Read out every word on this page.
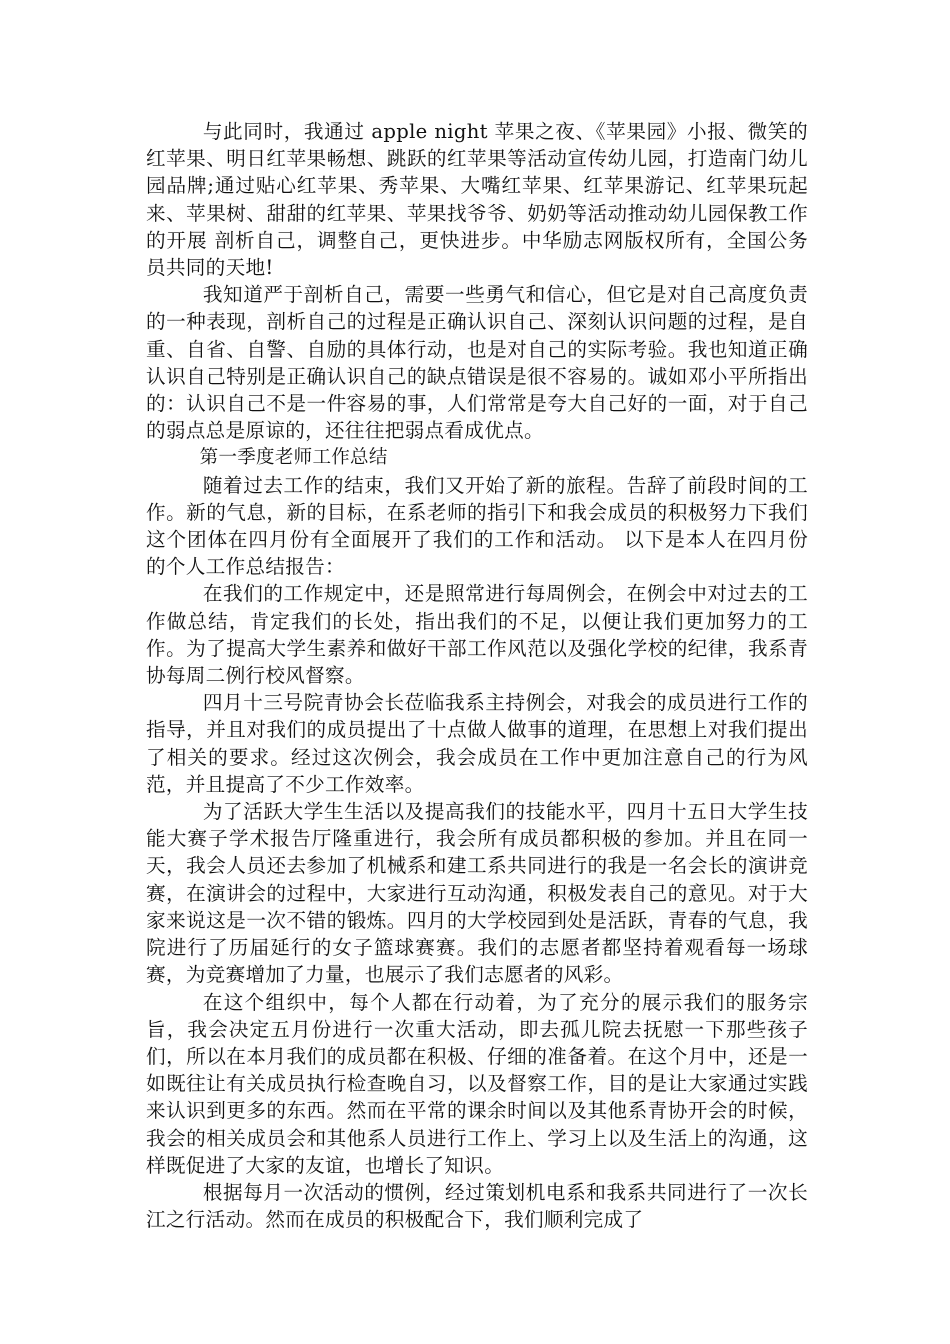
与此同时，我通过 apple night 苹果之夜、《苹果园》小报、微笑的红苹果、明日红苹果畅想、跳跃的红苹果等活动宣传幼儿园，打造南门幼儿园品牌;通过贴心红苹果、秀苹果、大嘴红苹果、红苹果游记、红苹果玩起来、苹果树、甜甜的红苹果、苹果找爷爷、奶奶等活动推动幼儿园保教工作的开展 剖析自己，调整自己，更快进步。中华励志网版权所有，全国公务员共同的天地!

我知道严于剖析自己，需要一些勇气和信心，但它是对自己高度负责 的一种表现，剖析自己的过程是正确认识自己、深刻认识问题的过程，是自重、自省、自警、自励的具体行动，也是对自己的实际考验。我也知道正确认识自己特别是正确认识自己的缺点错误是很不容易的。诚如邓小平所指出的：认识自己不是一件容易的事，人们常常是夸大自己好的一面，对于自己的弱点总是原谅的，还往往把弱点看成优点。

第一季度老师工作总结

随着过去工作的结束，我们又开始了新的旅程。告辞了前段时间的工作。新的气息，新的目标，在系老师的指引下和我会成员的积极努力下我们这个团体在四月份有全面展开了我们的工作和活动。 以下是本人在四月份的个人工作总结报告：

在我们的工作规定中，还是照常进行每周例会，在例会中对过去的工作做总结，肯定我们的长处，指出我们的不足，以便让我们更加努力的工作。为了提高大学生素养和做好干部工作风范以及强化学校的纪律，我系青协每周二例行校风督察。

四月十三号院青协会长莅临我系主持例会，对我会的成员进行工作的指导，并且对我们的成员提出了十点做人做事的道理，在思想上对我们提出了相关的要求。经过这次例会，我会成员在工作中更加注意自己的行为风范，并且提高了不少工作效率。

为了活跃大学生生活以及提高我们的技能水平，四月十五日大学生技能大赛子学术报告厅隆重进行，我会所有成员都积极的参加。并且在同一天，我会人员还去参加了机械系和建工系共同进行的我是一名会长的演讲竞赛，在演讲会的过程中，大家进行互动沟通，积极发表自己的意见。对于大家来说这是一次不错的锻炼。四月的大学校园到处是活跃，青春的气息，我院进行了历届延行的女子篮球赛赛。我们的志愿者都坚持着观看每一场球赛，为竞赛增加了力量，也展示了我们志愿者的风彩。

在这个组织中，每个人都在行动着，为了充分的展示我们的服务宗旨，我会决定五月份进行一次重大活动，即去孤儿院去抚慰一下那些孩子们，所以在本月我们的成员都在积极、仔细的准备着。在这个月中，还是一如既往让有关成员执行检查晚自习，以及督察工作，目的是让大家通过实践来认识到更多的东西。然而在平常的课余时间以及其他系青协开会的时候，我会的相关成员会和其他系人员进行工作上、学习上以及生活上的沟通，这样既促进了大家的友谊，也增长了知识。

根据每月一次活动的惯例，经过策划机电系和我系共同进行了一次长江之行活动。然而在成员的积极配合下，我们顺利完成了
